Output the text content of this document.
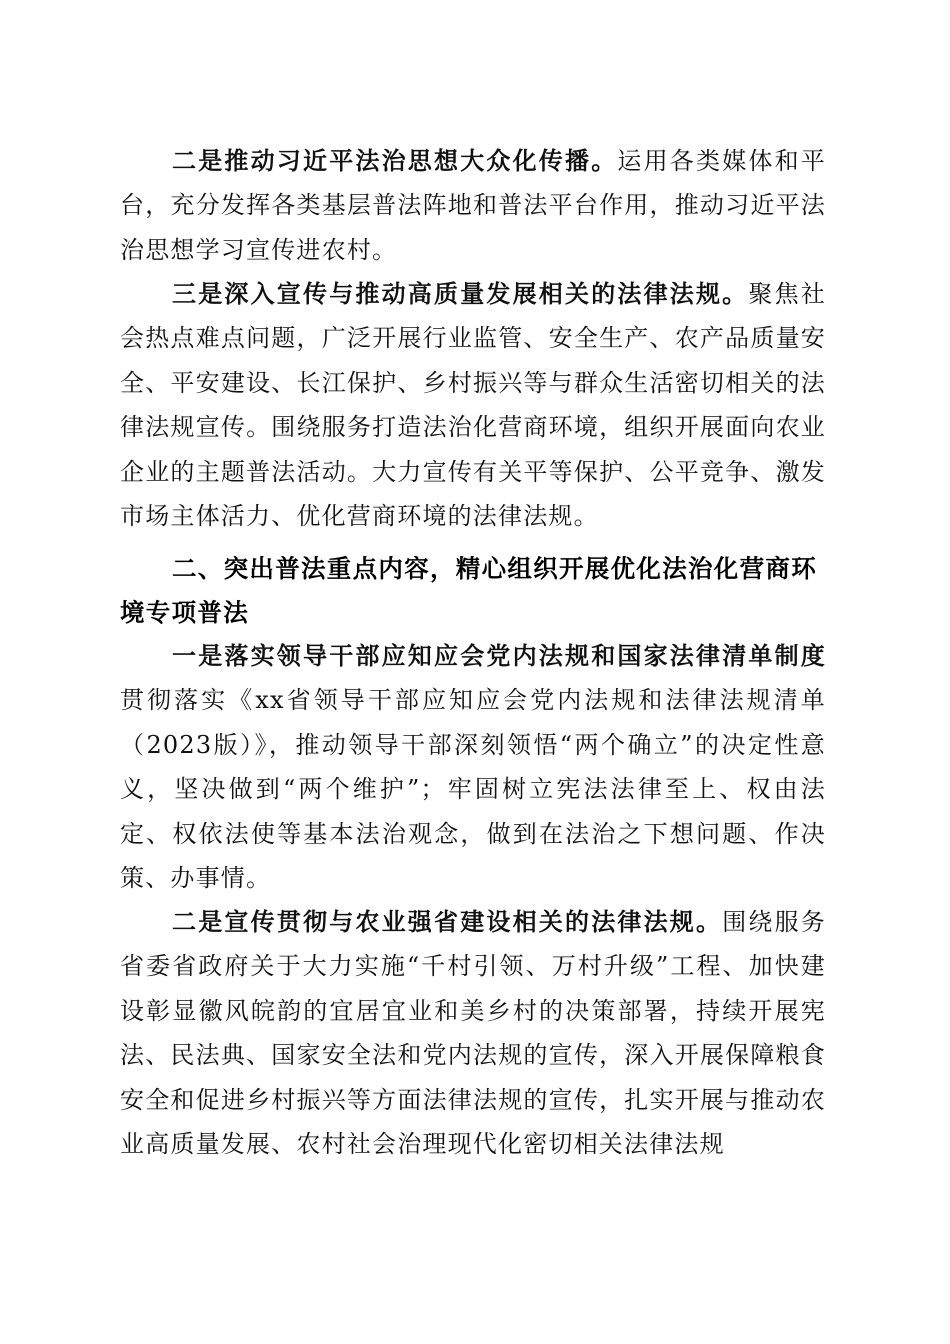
二是推动习近平法治思想大众化传播。运用各类媒体和平台，充分发挥各类基层普法阵地和普法平台作用，推动习近平法治思想学习宣传进农村。

三是深入宣传与推动高质量发展相关的法律法规。聚焦社会热点难点问题，广泛开展行业监管、安全生产、农产品质量安全、平安建设、长江保护、乡村振兴等与群众生活密切相关的法律法规宣传。围绕服务打造法治化营商环境，组织开展面向农业企业的主题普法活动。大力宣传有关平等保护、公平竞争、激发市场主体活力、优化营商环境的法律法规。

二、突出普法重点内容，精心组织开展优化法治化营商环境专项普法

一是落实领导干部应知应会党内法规和国家法律清单制度贯彻落实《xx省领导干部应知应会党内法规和法律法规清单（2023版）》，推动领导干部深刻领悟“两个确立”的决定性意义，坚决做到“两个维护”；牢固树立宪法法律至上、权由法定、权依法使等基本法治观念，做到在法治之下想问题、作决策、办事情。

二是宣传贯彻与农业强省建设相关的法律法规。围绕服务省委省政府关于大力实施“千村引领、万村升级”工程、加快建设彰显徽风皖韵的宜居宜业和美乡村的决策部署，持续开展宪法、民法典、国家安全法和党内法规的宣传，深入开展保障粮食安全和促进乡村振兴等方面法律法规的宣传，扎实开展与推动农业高质量发展、农村社会治理现代化密切相关法律法规
